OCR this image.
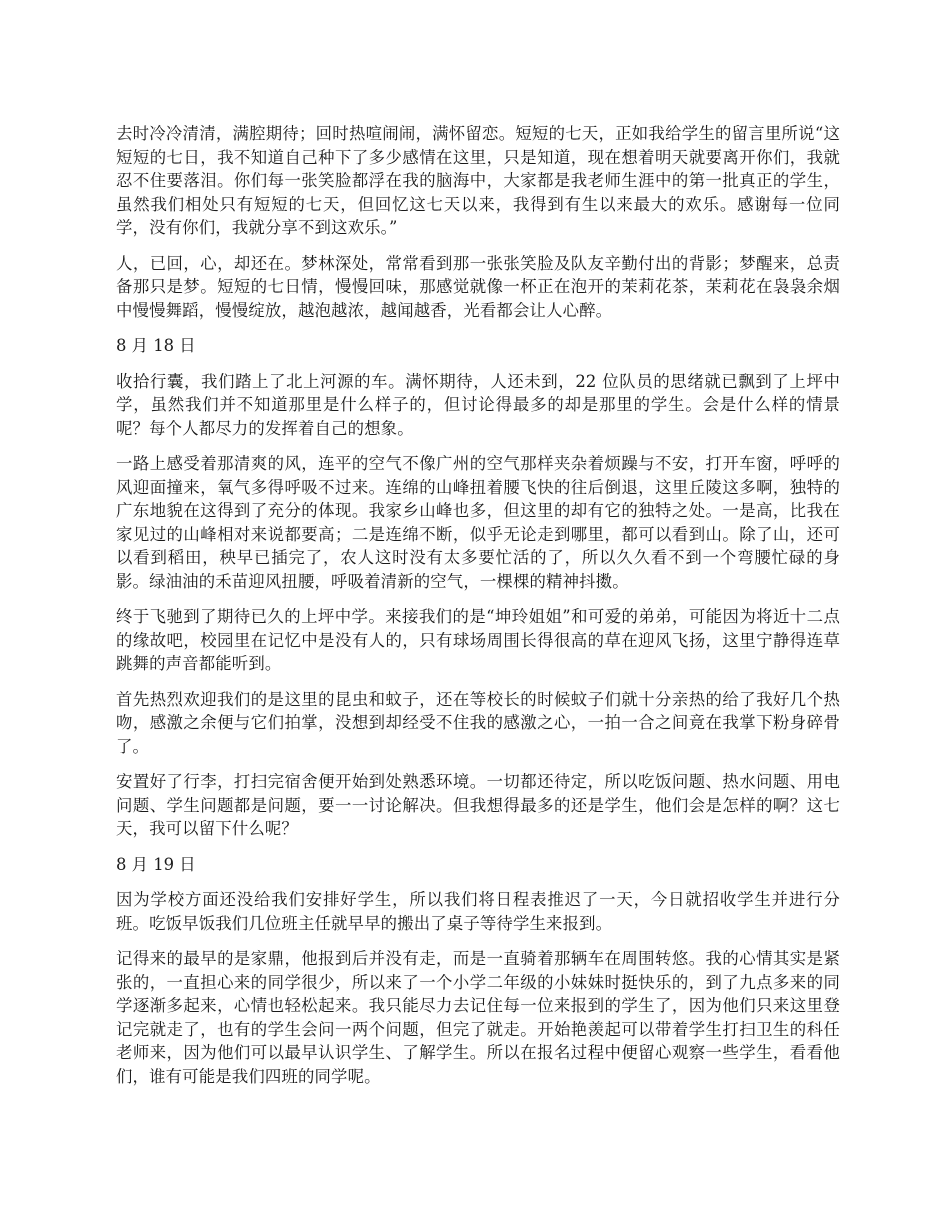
去时冷冷清清，满腔期待；回时热喧闹闹，满怀留恋。短短的七天，正如我给学生的留言里所说“这短短的七日，我不知道自己种下了多少感情在这里，只是知道，现在想着明天就要离开你们，我就忍不住要落泪。你们每一张笑脸都浮在我的脑海中，大家都是我老师生涯中的第一批真正的学生，虽然我们相处只有短短的七天，但回忆这七天以来，我得到有生以来最大的欢乐。感谢每一位同学，没有你们，我就分享不到这欢乐。”

人，已回，心，却还在。梦林深处，常常看到那一张张笑脸及队友辛勤付出的背影；梦醒来，总责备那只是梦。短短的七日情，慢慢回味，那感觉就像一杯正在泡开的茉莉花茶，茉莉花在袅袅余烟中慢慢舞蹈，慢慢绽放，越泡越浓，越闻越香，光看都会让人心醉。

8 月 18 日

收拾行囊，我们踏上了北上河源的车。满怀期待，人还未到，22 位队员的思绪就已飘到了上坪中学，虽然我们并不知道那里是什么样子的，但讨论得最多的却是那里的学生。会是什么样的情景呢？每个人都尽力的发挥着自己的想象。

一路上感受着那清爽的风，连平的空气不像广州的空气那样夹杂着烦躁与不安，打开车窗，呼呼的风迎面撞来，氧气多得呼吸不过来。连绵的山峰扭着腰飞快的往后倒退，这里丘陵这多啊，独特的广东地貌在这得到了充分的体现。我家乡山峰也多，但这里的却有它的独特之处。一是高，比我在家见过的山峰相对来说都要高；二是连绵不断，似乎无论走到哪里，都可以看到山。除了山，还可以看到稻田，秧早已插完了，农人这时没有太多要忙活的了，所以久久看不到一个弯腰忙碌的身影。绿油油的禾苗迎风扭腰，呼吸着清新的空气，一棵棵的精神抖擞。

终于飞驰到了期待已久的上坪中学。来接我们的是“坤玲姐姐”和可爱的弟弟，可能因为将近十二点的缘故吧，校园里在记忆中是没有人的，只有球场周围长得很高的草在迎风飞扬，这里宁静得连草跳舞的声音都能听到。

首先热烈欢迎我们的是这里的昆虫和蚊子，还在等校长的时候蚊子们就十分亲热的给了我好几个热吻，感激之余便与它们拍掌，没想到却经受不住我的感激之心，一拍一合之间竟在我掌下粉身碎骨了。

安置好了行李，打扫完宿舍便开始到处熟悉环境。一切都还待定，所以吃饭问题、热水问题、用电问题、学生问题都是问题，要一一讨论解决。但我想得最多的还是学生，他们会是怎样的啊？这七天，我可以留下什么呢？

8 月 19 日

因为学校方面还没给我们安排好学生，所以我们将日程表推迟了一天，今日就招收学生并进行分班。吃饭早饭我们几位班主任就早早的搬出了桌子等待学生来报到。

记得来的最早的是家鼎，他报到后并没有走，而是一直骑着那辆车在周围转悠。我的心情其实是紧张的，一直担心来的同学很少，所以来了一个小学二年级的小妹妹时挺快乐的，到了九点多来的同学逐渐多起来，心情也轻松起来。我只能尽力去记住每一位来报到的学生了，因为他们只来这里登记完就走了，也有的学生会问一两个问题，但完了就走。开始艳羡起可以带着学生打扫卫生的科任老师来，因为他们可以最早认识学生、了解学生。所以在报名过程中便留心观察一些学生，看看他们，谁有可能是我们四班的同学呢。
